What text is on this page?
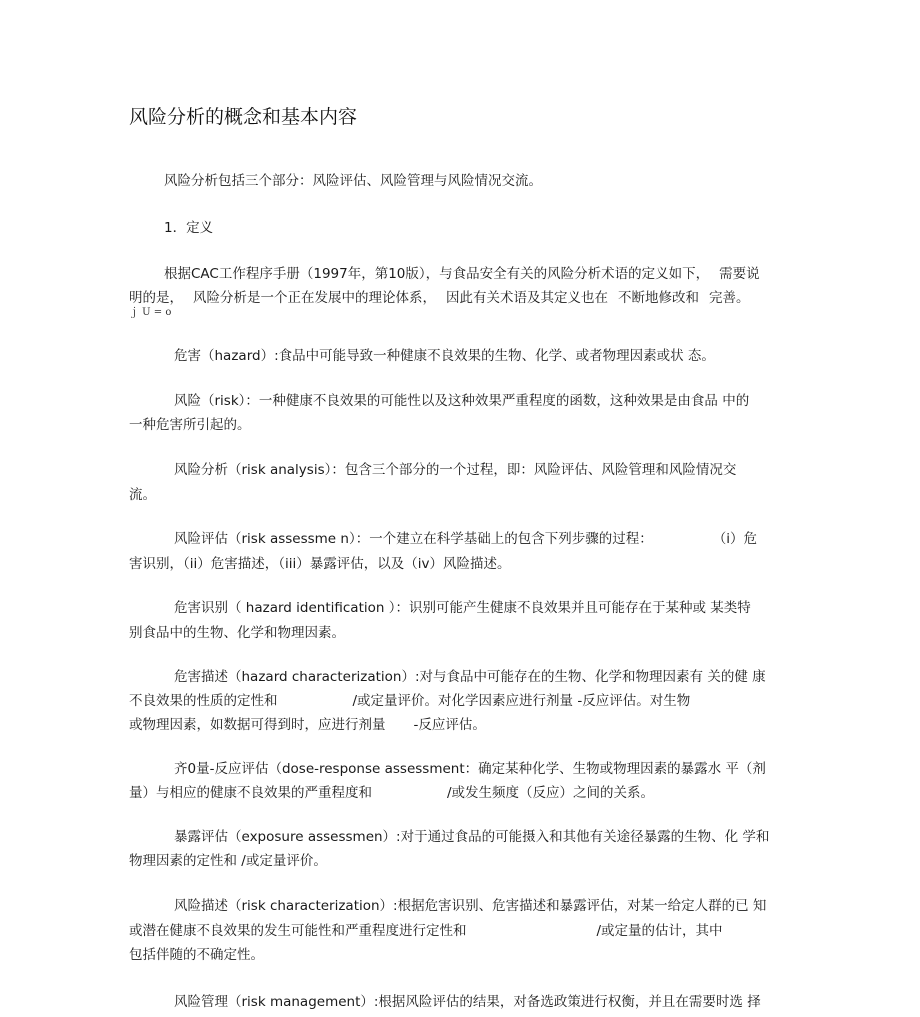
风险分析的概念和基本内容
风险分析包括三个部分：风险评估、风险管理与风险情况交流。
1．定义
根据CAC工作程序手册（1997年，第10版），与食品安全有关的风险分析术语的定义如下， 需要说
明的是， 风险分析是一个正在发展中的理论体系， 因此有关术语及其定义也在 不断地修改和 完善。
ｊ U = o
危害（hazard）:食品中可能导致一种健康不良效果的生物、化学、或者物理因素或状 态。
风险（risk）：一种健康不良效果的可能性以及这种效果严重程度的函数，这种效果是由食品 中的
一种危害所引起的。
风险分析（risk analysis）：包含三个部分的一个过程，即：风险评估、风险管理和风险情况交
流。
风险评估（risk assessme n）：一个建立在科学基础上的包含下列步骤的过程：	（i）危
害识别，（ii）危害描述，（iii）暴露评估，以及（iv）风险描述。
危害识别（ hazard identification ）：识别可能产生健康不良效果并且可能存在于某种或 某类特
别食品中的生物、化学和物理因素。
危害描述（hazard characterization）:对与食品中可能存在的生物、化学和物理因素有 关的健 康
不良效果的性质的定性和	/或定量评价。对化学因素应进行剂量 -反应评估。对生物
或物理因素，如数据可得到时，应进行剂量 -反应评估。
齐0量-反应评估（dose-response assessment：确定某种化学、生物或物理因素的暴露水 平（剂
量）与相应的健康不良效果的严重程度和	/或发生频度（反应）之间的关系。
暴露评估（exposure assessmen）:对于通过食品的可能摄入和其他有关途径暴露的生物、化 学和
物理因素的定性和 /或定量评价。
风险描述（risk characterization）:根据危害识别、危害描述和暴露评估，对某一给定人群的已 知
或潜在健康不良效果的发生可能性和严重程度进行定性和	/或定量的估计，其中
包括伴随的不确定性。
风险管理（risk management）:根据风险评估的结果，对备选政策进行权衡，并且在需要时选 择
